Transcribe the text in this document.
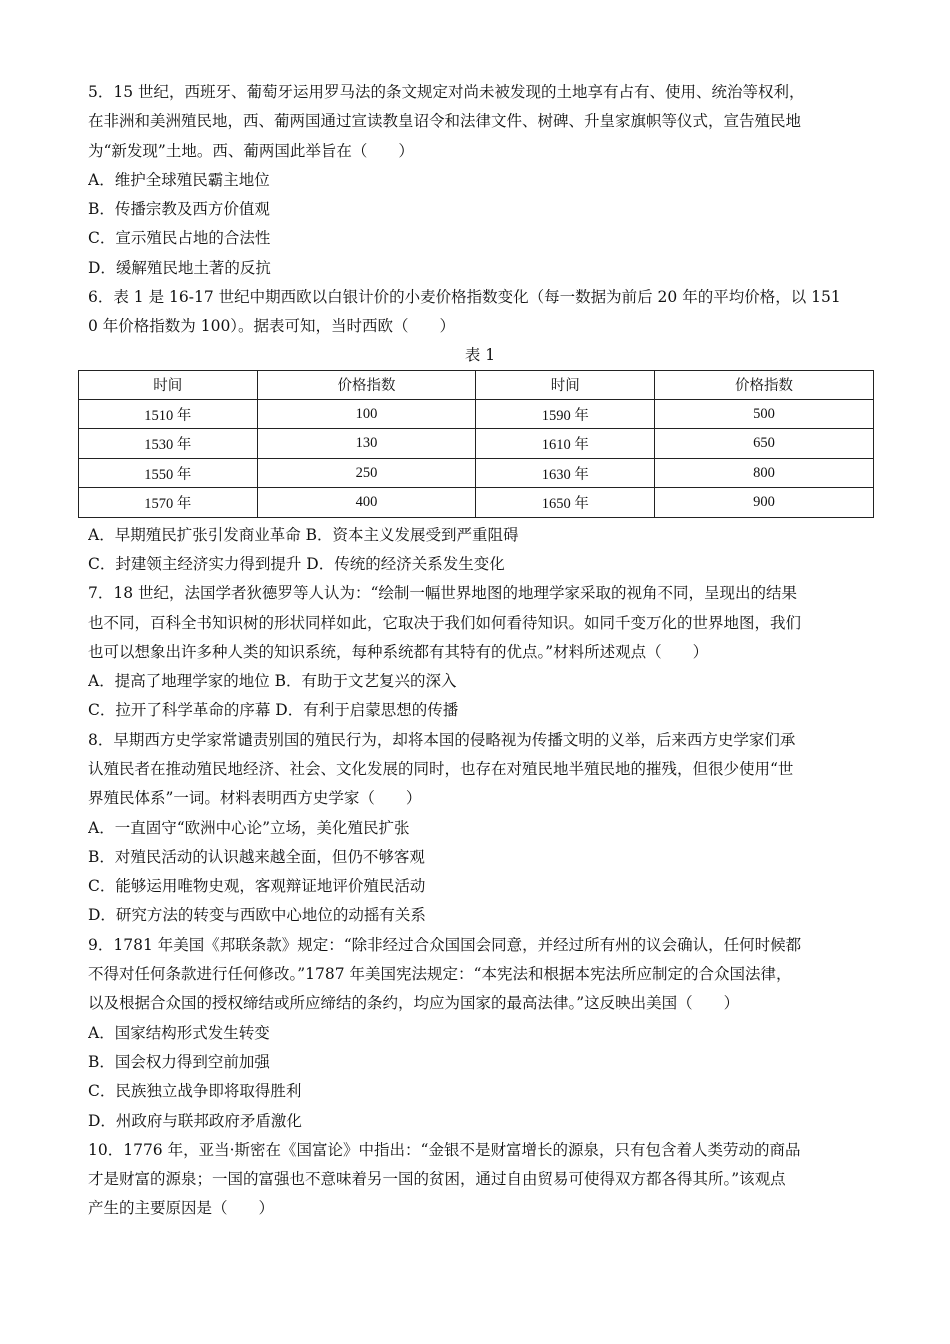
5．15 世纪，西班牙、葡萄牙运用罗马法的条文规定对尚未被发现的土地享有占有、使用、统治等权利，
在非洲和美洲殖民地，西、葡两国通过宣读教皇诏令和法律文件、树碑、升皇家旗帜等仪式，宣告殖民地
为“新发现”土地。西、葡两国此举旨在（　　）
A．维护全球殖民霸主地位
B．传播宗教及西方价值观
C．宣示殖民占地的合法性
D．缓解殖民地土著的反抗
6．表 1 是 16-17 世纪中期西欧以白银计价的小麦价格指数变化（每一数据为前后 20 年的平均价格，以 151
0 年价格指数为 100）。据表可知，当时西欧（　　）
表 1
时间	价格指数	时间	价格指数
1510 年	100	1590 年	500
1530 年	130	1610 年	650
1550 年	250	1630 年	800
1570 年	400	1650 年	900
A．早期殖民扩张引发商业革命 B．资本主义发展受到严重阻碍
C．封建领主经济实力得到提升 D．传统的经济关系发生变化
7．18 世纪，法国学者狄德罗等人认为：“绘制一幅世界地图的地理学家采取的视角不同，呈现出的结果
也不同，百科全书知识树的形状同样如此，它取决于我们如何看待知识。如同千变万化的世界地图，我们
也可以想象出许多种人类的知识系统，每种系统都有其特有的优点。”材料所述观点（　　）
A．提高了地理学家的地位 B．有助于文艺复兴的深入
C．拉开了科学革命的序幕 D．有利于启蒙思想的传播
8．早期西方史学家常谴责别国的殖民行为，却将本国的侵略视为传播文明的义举，后来西方史学家们承
认殖民者在推动殖民地经济、社会、文化发展的同时，也存在对殖民地半殖民地的摧残，但很少使用“世
界殖民体系”一词。材料表明西方史学家（　　）
A．一直固守“欧洲中心论”立场，美化殖民扩张
B．对殖民活动的认识越来越全面，但仍不够客观
C．能够运用唯物史观，客观辩证地评价殖民活动
D．研究方法的转变与西欧中心地位的动摇有关系
9．1781 年美国《邦联条款》规定：“除非经过合众国国会同意，并经过所有州的议会确认，任何时候都
不得对任何条款进行任何修改。”1787 年美国宪法规定：“本宪法和根据本宪法所应制定的合众国法律，
以及根据合众国的授权缔结或所应缔结的条约，均应为国家的最高法律。”这反映出美国（　　）
A．国家结构形式发生转变
B．国会权力得到空前加强
C．民族独立战争即将取得胜利
D．州政府与联邦政府矛盾激化
10．1776 年，亚当·斯密在《国富论》中指出：“金银不是财富增长的源泉，只有包含着人类劳动的商品
才是财富的源泉；一国的富强也不意味着另一国的贫困，通过自由贸易可使得双方都各得其所。”该观点
产生的主要原因是（　　）
